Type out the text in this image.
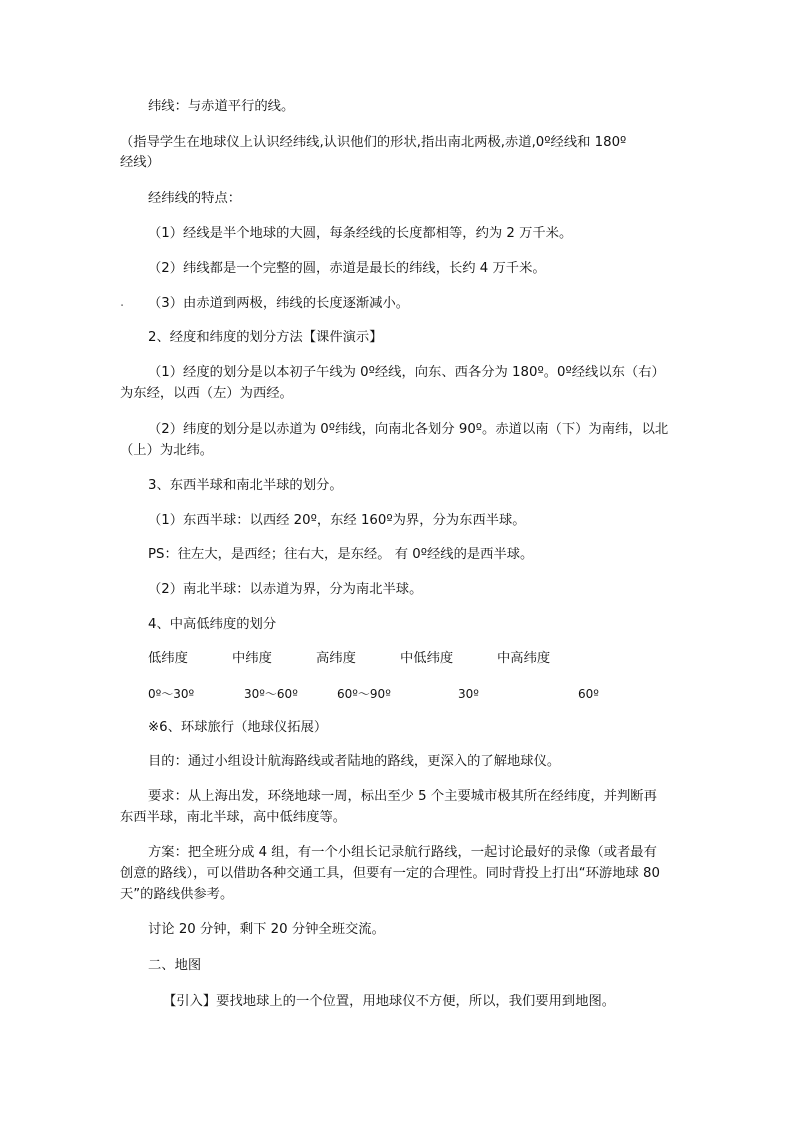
纬线：与赤道平行的线。
（指导学生在地球仪上认识经纬线,认识他们的形状,指出南北两极,赤道,0º经线和 180º
经线）
经纬线的特点：
（1）经线是半个地球的大圆，每条经线的长度都相等，约为 2 万千米。
（2）纬线都是一个完整的圆，赤道是最长的纬线，长约 4 万千米。
. （3）由赤道到两极，纬线的长度逐渐减小。
2、经度和纬度的划分方法【课件演示】
（1）经度的划分是以本初子午线为 0º经线，向东、西各分为 180º。0º经线以东（右）
为东经，以西（左）为西经。
（2）纬度的划分是以赤道为 0º纬线，向南北各划分 90º。赤道以南（下）为南纬，以北
（上）为北纬。
3、东西半球和南北半球的划分。
（1）东西半球：以西经 20º，东经 160º为界，分为东西半球。
PS：往左大，是西经；往右大，是东经。 有 0º经线的是西半球。
（2）南北半球：以赤道为界，分为南北半球。
4、中高低纬度的划分
低纬度	中纬度	高纬度	中低纬度	中高纬度
0º～30º	30º～60º	60º～90º	30º	60º
※6、环球旅行（地球仪拓展）
目的：通过小组设计航海路线或者陆地的路线，更深入的了解地球仪。
要求：从上海出发，环绕地球一周，标出至少 5 个主要城市极其所在经纬度，并判断再
东西半球，南北半球，高中低纬度等。
方案：把全班分成 4 组，有一个小组长记录航行路线，一起讨论最好的录像（或者最有
创意的路线），可以借助各种交通工具，但要有一定的合理性。同时背投上打出“环游地球 80
天”的路线供参考。
讨论 20 分钟，剩下 20 分钟全班交流。
二、地图
【引入】要找地球上的一个位置，用地球仪不方便，所以，我们要用到地图。
